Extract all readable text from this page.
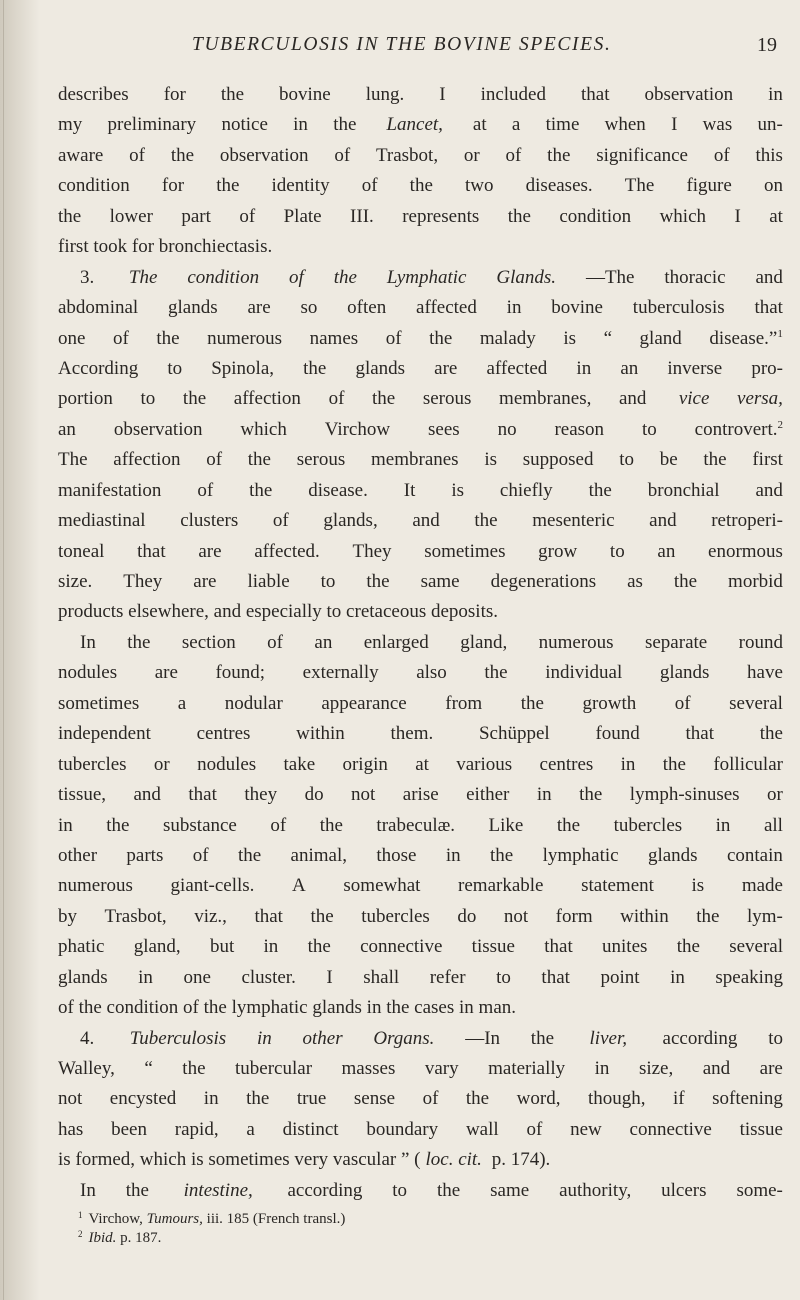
TUBERCULOSIS IN THE BOVINE SPECIES.	19
describes for the bovine lung. I included that observation in
my preliminary notice in the Lancet, at a time when I was un-
aware of the observation of Trasbot, or of the significance of this
condition for the identity of the two diseases. The figure on
the lower part of Plate III. represents the condition which I at
first took for bronchiectasis.
3. The condition of the Lymphatic Glands. —The thoracic and
abdominal glands are so often affected in bovine tuberculosis that
one of the numerous names of the malady is “ gland disease.”$^1$
According to Spinola, the glands are affected in an inverse pro-
portion to the affection of the serous membranes, and vice versa,
an observation which Virchow sees no reason to controvert.$^2$
The affection of the serous membranes is supposed to be the first
manifestation of the disease. It is chiefly the bronchial and
mediastinal clusters of glands, and the mesenteric and retroperi-
toneal that are affected. They sometimes grow to an enormous
size. They are liable to the same degenerations as the morbid
products elsewhere, and especially to cretaceous deposits.
In the section of an enlarged gland, numerous separate round
nodules are found; externally also the individual glands have
sometimes a nodular appearance from the growth of several
independent centres within them. Schüppel found that the
tubercles or nodules take origin at various centres in the follicular
tissue, and that they do not arise either in the lymph-sinuses or
in the substance of the trabeculæ. Like the tubercles in all
other parts of the animal, those in the lymphatic glands contain
numerous giant-cells. A somewhat remarkable statement is made
by Trasbot, viz., that the tubercles do not form within the lym-
phatic gland, but in the connective tissue that unites the several
glands in one cluster. I shall refer to that point in speaking
of the condition of the lymphatic glands in the cases in man.
4. Tuberculosis in other Organs. —In the liver, according to
Walley, “ the tubercular masses vary materially in size, and are
not encysted in the true sense of the word, though, if softening
has been rapid, a distinct boundary wall of new connective tissue
is formed, which is sometimes very vascular ” ( loc. cit. p. 174).
In the intestine, according to the same authority, ulcers some-
$^1$ Virchow, Tumours, iii. 185 (French transl.)
$^2$ Ibid. p. 187.
